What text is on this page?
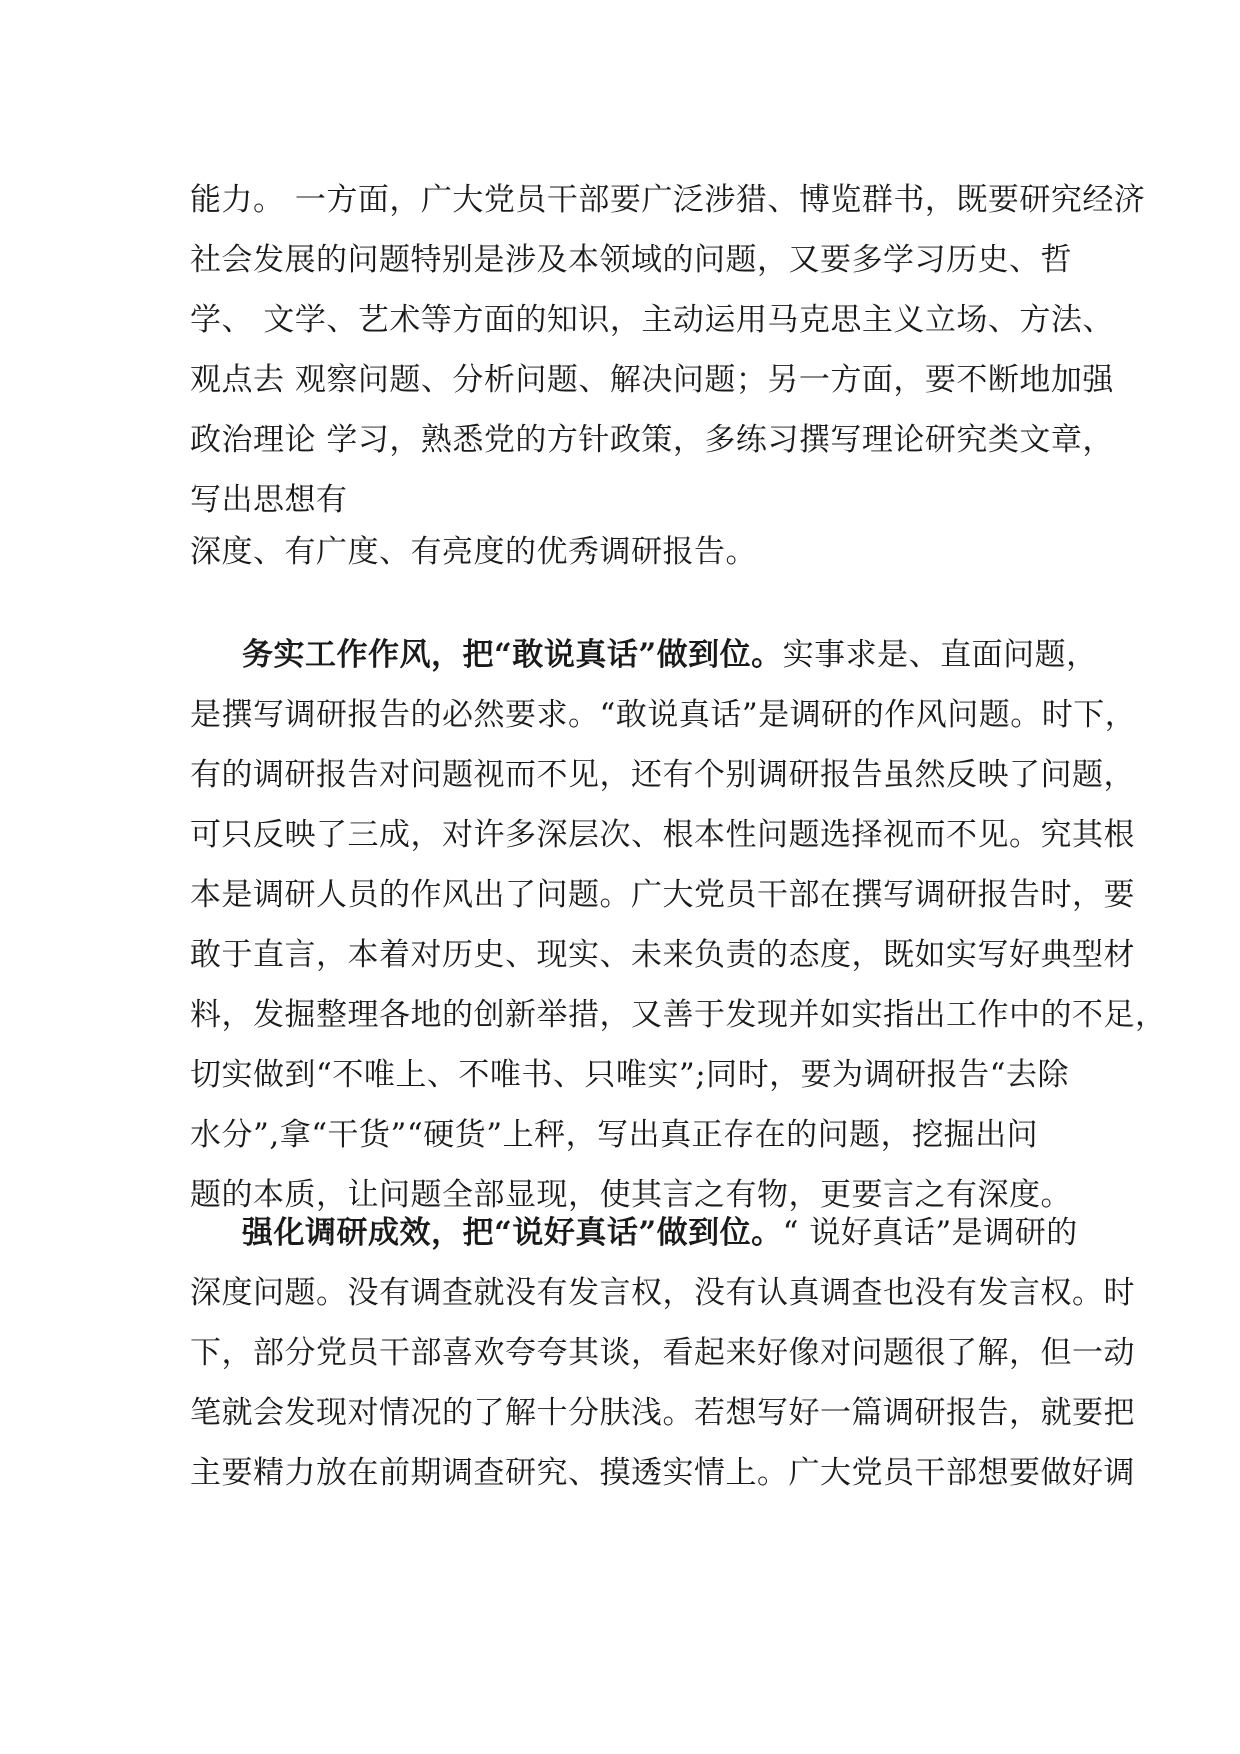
能力。 一方面，广大党员干部要广泛涉猎、博览群书，既要研究经济
社会发展的问题特别是涉及本领域的问题，又要多学习历史、哲
学、 文学、艺术等方面的知识，主动运用马克思主义立场、方法、
观点去 观察问题、分析问题、解决问题；另一方面，要不断地加强
政治理论 学习，熟悉党的方针政策，多练习撰写理论研究类文章，
写出思想有
深度、有广度、有亮度的优秀调研报告。
务实工作作风，把“敢说真话”做到位。实事求是、直面问题，
是撰写调研报告的必然要求。“敢说真话”是调研的作风问题。时下，
有的调研报告对问题视而不见，还有个别调研报告虽然反映了问题，
可只反映了三成，对许多深层次、根本性问题选择视而不见。究其根
本是调研人员的作风出了问题。广大党员干部在撰写调研报告时，要
敢于直言，本着对历史、现实、未来负责的态度，既如实写好典型材
料，发掘整理各地的创新举措，又善于发现并如实指出工作中的不足，
切实做到“不唯上、不唯书、只唯实”;同时，要为调研报告“去除
水分”,拿“干货”“硬货”上秤，写出真正存在的问题，挖掘出问
题的本质，让问题全部显现，使其言之有物，更要言之有深度。
强化调研成效，把“说好真话”做到位。“ 说好真话”是调研的
深度问题。没有调查就没有发言权，没有认真调查也没有发言权。时
下，部分党员干部喜欢夸夸其谈，看起来好像对问题很了解，但一动
笔就会发现对情况的了解十分肤浅。若想写好一篇调研报告，就要把
主要精力放在前期调查研究、摸透实情上。广大党员干部想要做好调
